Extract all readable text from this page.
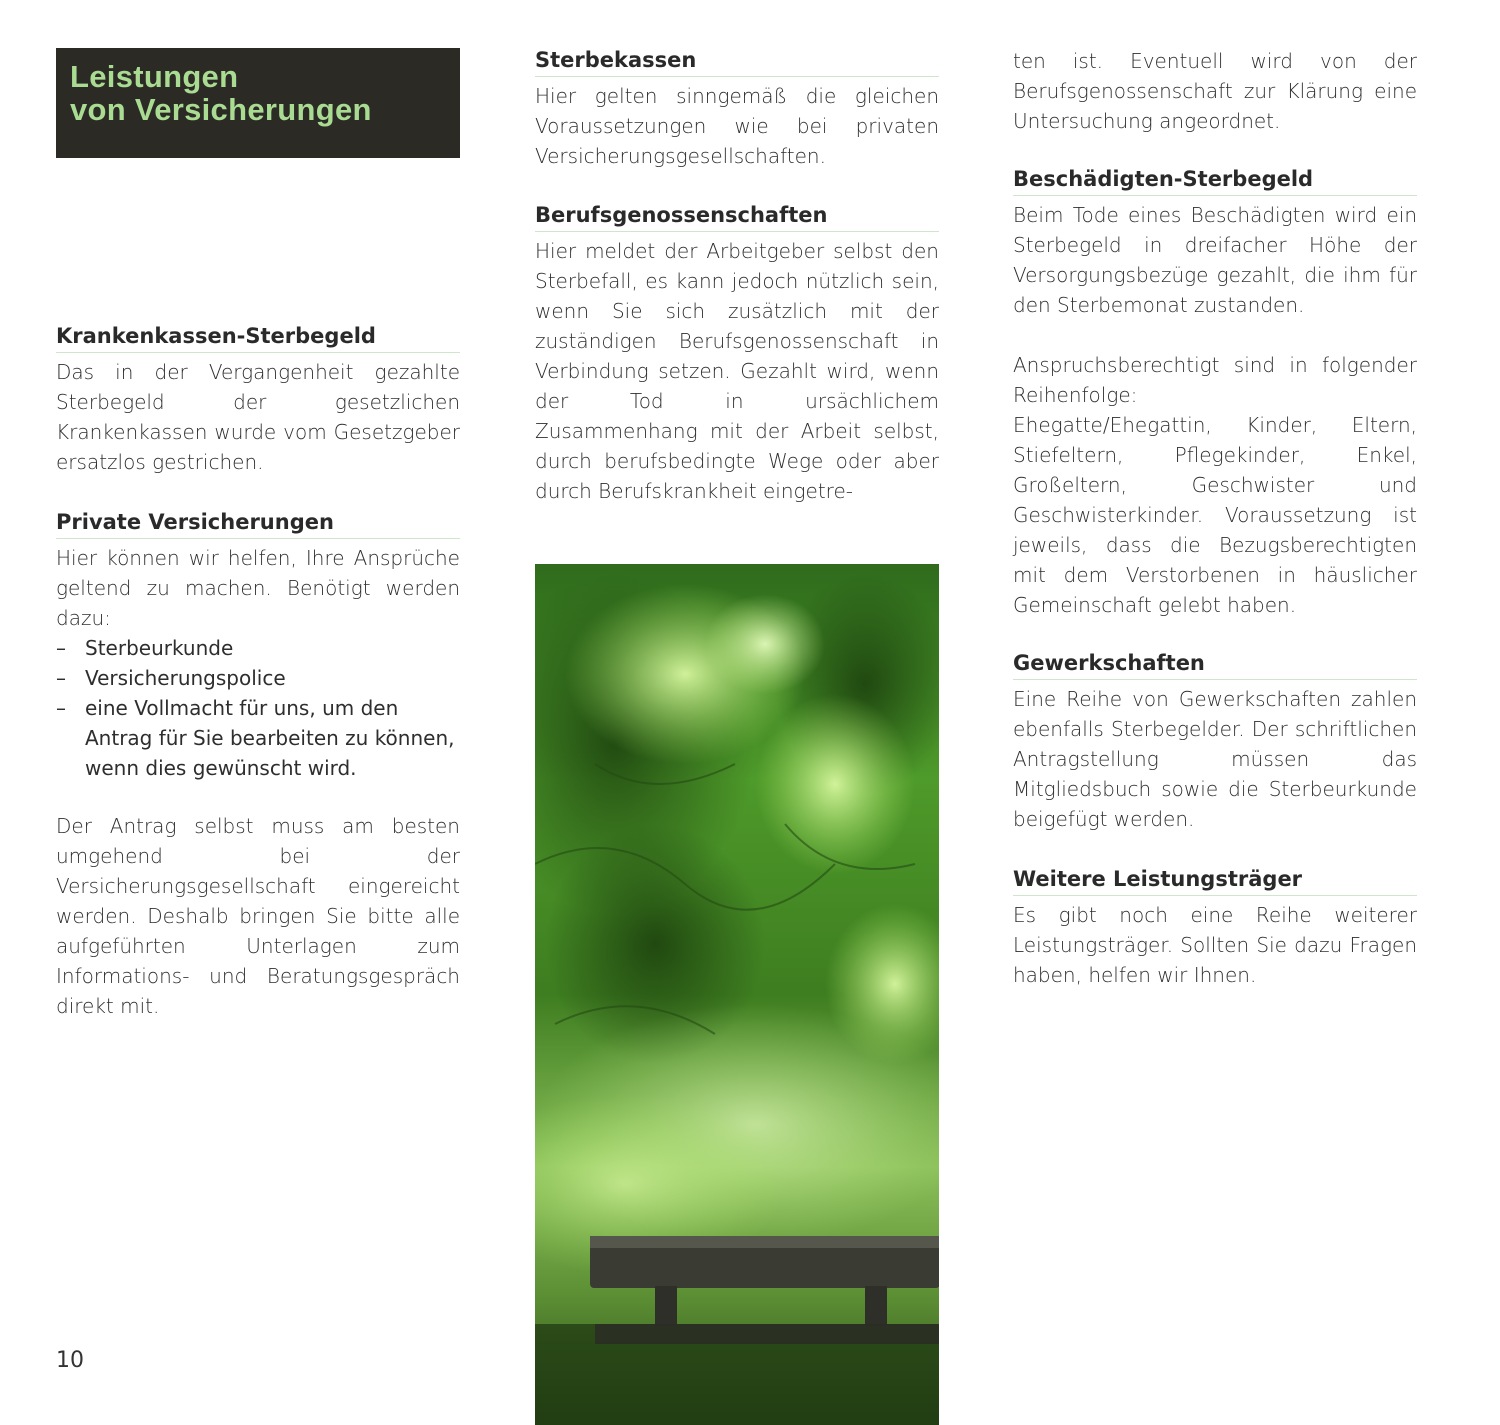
Leistungen
von Versicherungen
Krankenkassen-Sterbegeld

Das in der Vergangenheit gezahlte Sterbegeld der gesetzlichen Krankenkassen wurde vom Gesetzgeber ersatzlos gestrichen.

Private Versicherungen

Hier können wir helfen, Ihre Ansprüche geltend zu machen. Benötigt werden dazu:

– Sterbeurkunde
– Versicherungspolice
– eine Vollmacht für uns, um den Antrag für Sie bearbeiten zu können, wenn dies gewünscht wird.

Der Antrag selbst muss am besten umgehend bei der Versicherungsgesellschaft eingereicht werden. Deshalb bringen Sie bitte alle aufgeführten Unterlagen zum Informations- und Beratungsgespräch direkt mit.

10
Sterbekassen

Hier gelten sinngemäß die gleichen Voraussetzungen wie bei privaten Versicherungsgesellschaften.

Berufsgenossenschaften

Hier meldet der Arbeitgeber selbst den Sterbefall, es kann jedoch nützlich sein, wenn Sie sich zusätzlich mit der zuständigen Berufsgenossenschaft in Verbindung setzen. Gezahlt wird, wenn der Tod in ursächlichem Zusammenhang mit der Arbeit selbst, durch berufsbedingte Wege oder aber durch Berufskrankheit eingetre-

ten ist. Eventuell wird von der Berufsgenossenschaft zur Klärung eine Untersuchung angeordnet.

Beschädigten-Sterbegeld

Beim Tode eines Beschädigten wird ein Sterbegeld in dreifacher Höhe der Versorgungsbezüge gezahlt, die ihm für den Sterbemonat zustanden.

Anspruchsberechtigt sind in folgender Reihenfolge:

Ehegatte/Ehegattin, Kinder, Eltern, Stiefeltern, Pflegekinder, Enkel, Großeltern, Geschwister und Geschwisterkinder. Voraussetzung ist jeweils, dass die Bezugsberechtigten mit dem Verstorbenen in häuslicher Gemeinschaft gelebt haben.

Gewerkschaften

Eine Reihe von Gewerkschaften zahlen ebenfalls Sterbegelder. Der schriftlichen Antragstellung müssen das Mitgliedsbuch sowie die Sterbeurkunde beigefügt werden.

Weitere Leistungsträger

Es gibt noch eine Reihe weiterer Leistungsträger. Sollten Sie dazu Fragen haben, helfen wir Ihnen.
